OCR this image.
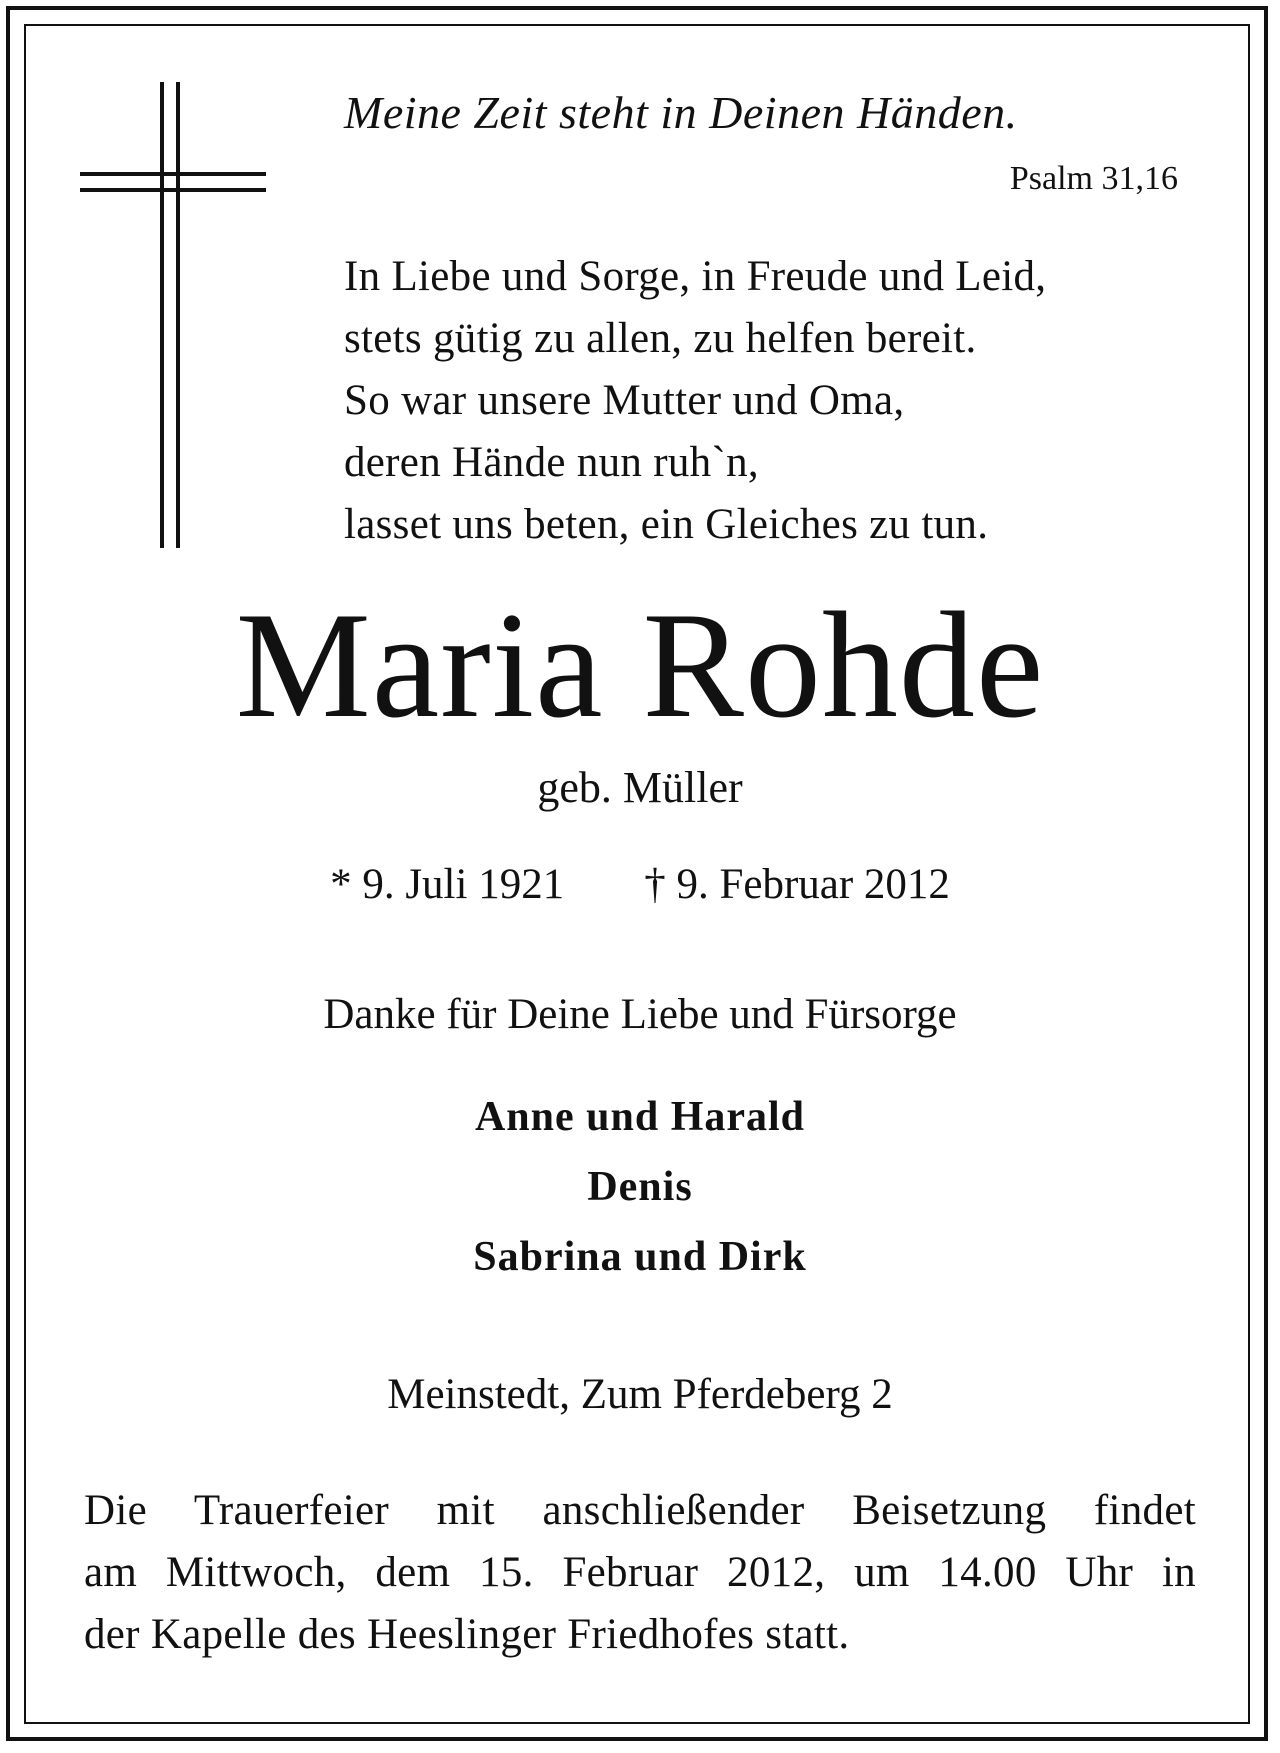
Meine Zeit steht in Deinen Händen.
Psalm 31,16
In Liebe und Sorge, in Freude und Leid,
stets gütig zu allen, zu helfen bereit.
So war unsere Mutter und Oma,
deren Hände nun ruh`n,
lasset uns beten, ein Gleiches zu tun.
Maria Rohde
geb. Müller
* 9. Juli 1921 † 9. Februar 2012
Danke für Deine Liebe und Fürsorge
Anne und Harald
Denis
Sabrina und Dirk
Meinstedt, Zum Pferdeberg 2
Die Trauerfeier mit anschließender Beisetzung findet
am Mittwoch, dem 15. Februar 2012, um 14.00 Uhr in
der Kapelle des Heeslinger Friedhofes statt.
